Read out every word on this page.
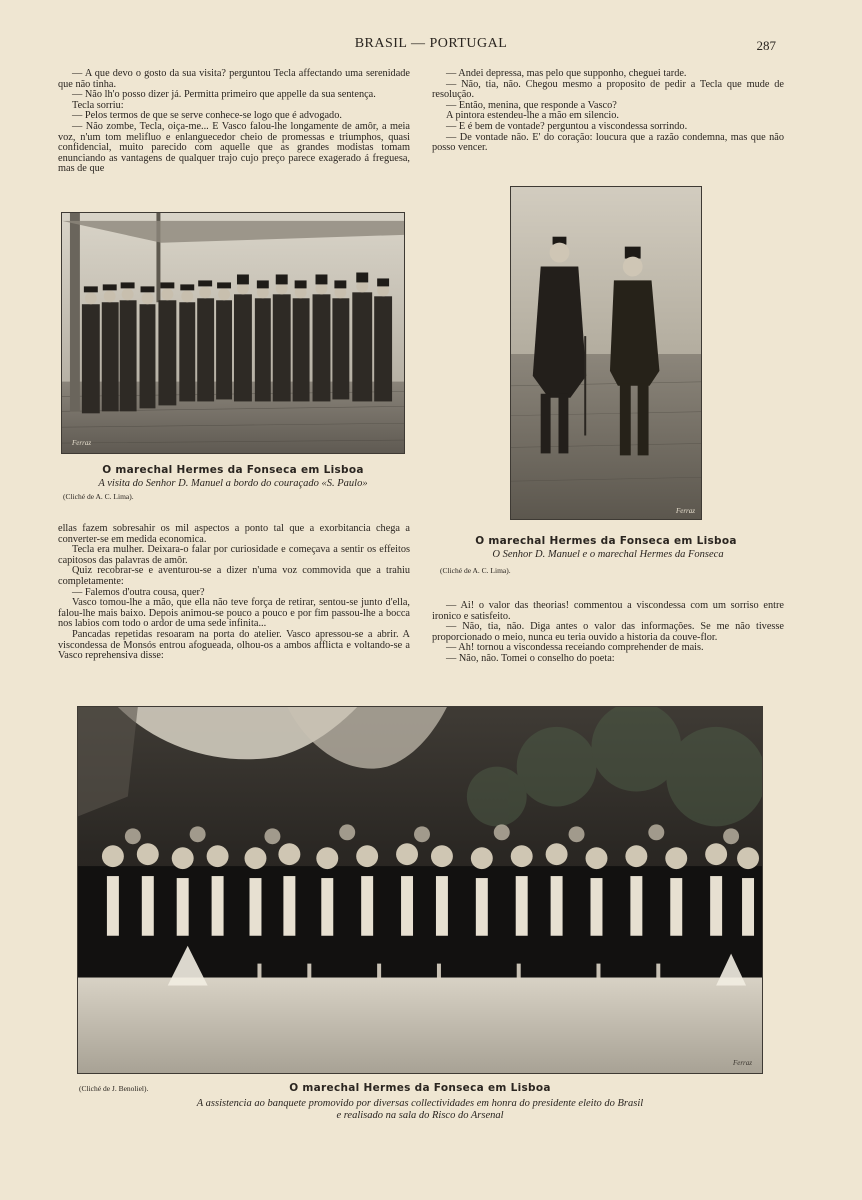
BRASIL — PORTUGAL	287

— A que devo o gosto da sua visita? perguntou Tecla affectando uma serenidade que não tinha.

— Não lh'o posso dizer já. Permitta primeiro que appelle da sua sentença.

Tecla sorriu:

— Pelos termos de que se serve conhece-se logo que é advogado.

— Não zombe, Tecla, oiça-me... E Vasco falou-lhe longamente de amôr, a meia voz, n'um tom melifluo e enlanguecedor cheio de promessas e triumphos, quasi confidencial, muito parecido com aquelle que as grandes modistas tomam enunciando as vantagens de qualquer trajo cujo preço parece exagerado á freguesa, mas de que

— Andei depressa, mas pelo que supponho, cheguei tarde.

— Não, tia, não. Chegou mesmo a proposito de pedir a Tecla que mude de resolução.

— Então, menina, que responde a Vasco?

A pintora estendeu-lhe a mão em silencio.

— E é bem de vontade? perguntou a viscondessa sorrindo.

— De vontade não. E' do coração: loucura que a razão condemna, mas que não posso vencer.

Ferraz
O marechal Hermes da Fonseca em Lisboa
A visita do Senhor D. Manuel a bordo do couraçado «S. Paulo»
(Cliché de A. C. Lima).
Ferraz
O marechal Hermes da Fonseca em Lisboa
O Senhor D. Manuel e o marechal Hermes da Fonseca
(Cliché de A. C. Lima).

ellas fazem sobresahir os mil aspectos a ponto tal que a exorbitancia chega a converter-se em medida economica.

Tecla era mulher. Deixara-o falar por curiosidade e começava a sentir os effeitos capitosos das palavras de amôr.

Quiz recobrar-se e aventurou-se a dizer n'uma voz commovida que a trahiu completamente:

— Falemos d'outra cousa, quer?

Vasco tomou-lhe a mão, que ella não teve força de retirar, sentou-se junto d'ella, falou-lhe mais baixo. Depois animou-se pouco a pouco e por fim passou-lhe a bocca nos labios com todo o ardor de uma sede infinita...

Pancadas repetidas resoaram na porta do atelier. Vasco apressou-se a abrir. A viscondessa de Monsós entrou afogueada, olhou-os a ambos afflicta e voltando-se a Vasco reprehensiva disse:

— Ai! o valor das theorias! commentou a viscondessa com um sorriso entre ironico e satisfeito.

— Não, tia, não. Diga antes o valor das informações. Se me não tivesse proporcionado o meio, nunca eu teria ouvido a historia da couve-flor.

— Ah! tornou a viscondessa receiando comprehender de mais.

— Não, não. Tomei o conselho do poeta:

Ferraz
(Cliché de J. Benoliel).	O marechal Hermes da Fonseca em Lisboa
A assistencia ao banquete promovido por diversas collectividades em honra do presidente eleito do Brasil
e realisado na sala do Risco do Arsenal
